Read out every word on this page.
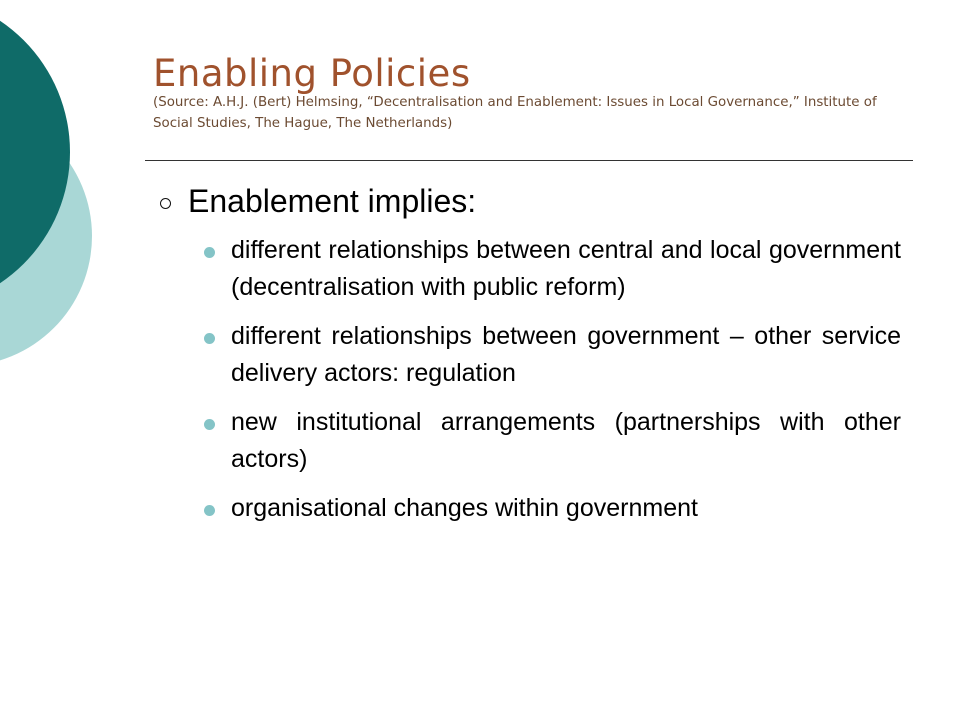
Enabling Policies
(Source: A.H.J. (Bert) Helmsing, “Decentralisation and Enablement: Issues in Local Governance,” Institute of Social Studies, The Hague, The Netherlands)
Enablement implies:
different relationships between central and local government (decentralisation with public reform)
different relationships between government – other service delivery actors: regulation
new institutional arrangements (partnerships with other actors)
organisational changes within government
